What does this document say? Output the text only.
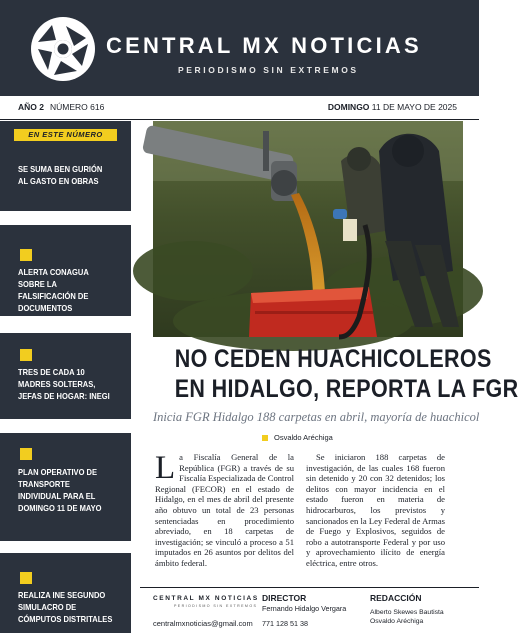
CENTRAL MX NOTICIAS
PERIODISMO SIN EXTREMOS
AÑO 2 NÚMERO 616	DOMINGO 11 DE MAYO DE 2025
EN ESTE NÚMERO
SE SUMA BEN GURIÓN AL GASTO EN OBRAS
ALERTA CONAGUA SOBRE LA FALSIFICACIÓN DE DOCUMENTOS
TRES DE CADA 10 MADRES SOLTERAS, JEFAS DE HOGAR: INEGI
PLAN OPERATIVO DE TRANSPORTE INDIVIDUAL PARA EL DOMINGO 11 DE MAYO
REALIZA INE SEGUNDO SIMULACRO DE CÓMPUTOS DISTRITALES
NO CEDEN HUACHICOLEROS
EN HIDALGO, REPORTA LA FGR
Inicia FGR Hidalgo 188 carpetas en abril, mayoría de huachicol
Osvaldo Aréchiga
La Fiscalía General de la República (FGR) a través de su Fiscalía Especializada de Control Regional (FECOR) en el estado de Hidalgo, en el mes de abril del presente año obtuvo un total de 23 personas sentenciadas en procedimiento abreviado, en 18 carpetas de investigación; se vinculó a proceso a 51 imputados en 26 asuntos por delitos del ámbito federal.
Se iniciaron 188 carpetas de investigación, de las cuales 168 fueron sin detenido y 20 con 32 detenidos; los delitos con mayor incidencia en el estado fueron en materia de hidrocarburos, los previstos y sancionados en la Ley Federal de Armas de Fuego y Explosivos, seguidos de robo a autotransporte Federal y por uso y aprovechamiento ilícito de energía eléctrica, entre otros.
CENTRAL MX NOTICIAS
PERIODISMO SIN EXTREMOS
centralmxnoticias@gmail.com
DIRECTOR
Fernando Hidalgo Vergara
771 128 51 38
REDACCIÓN
Alberto Skewes Bautista
Osvaldo Aréchiga
